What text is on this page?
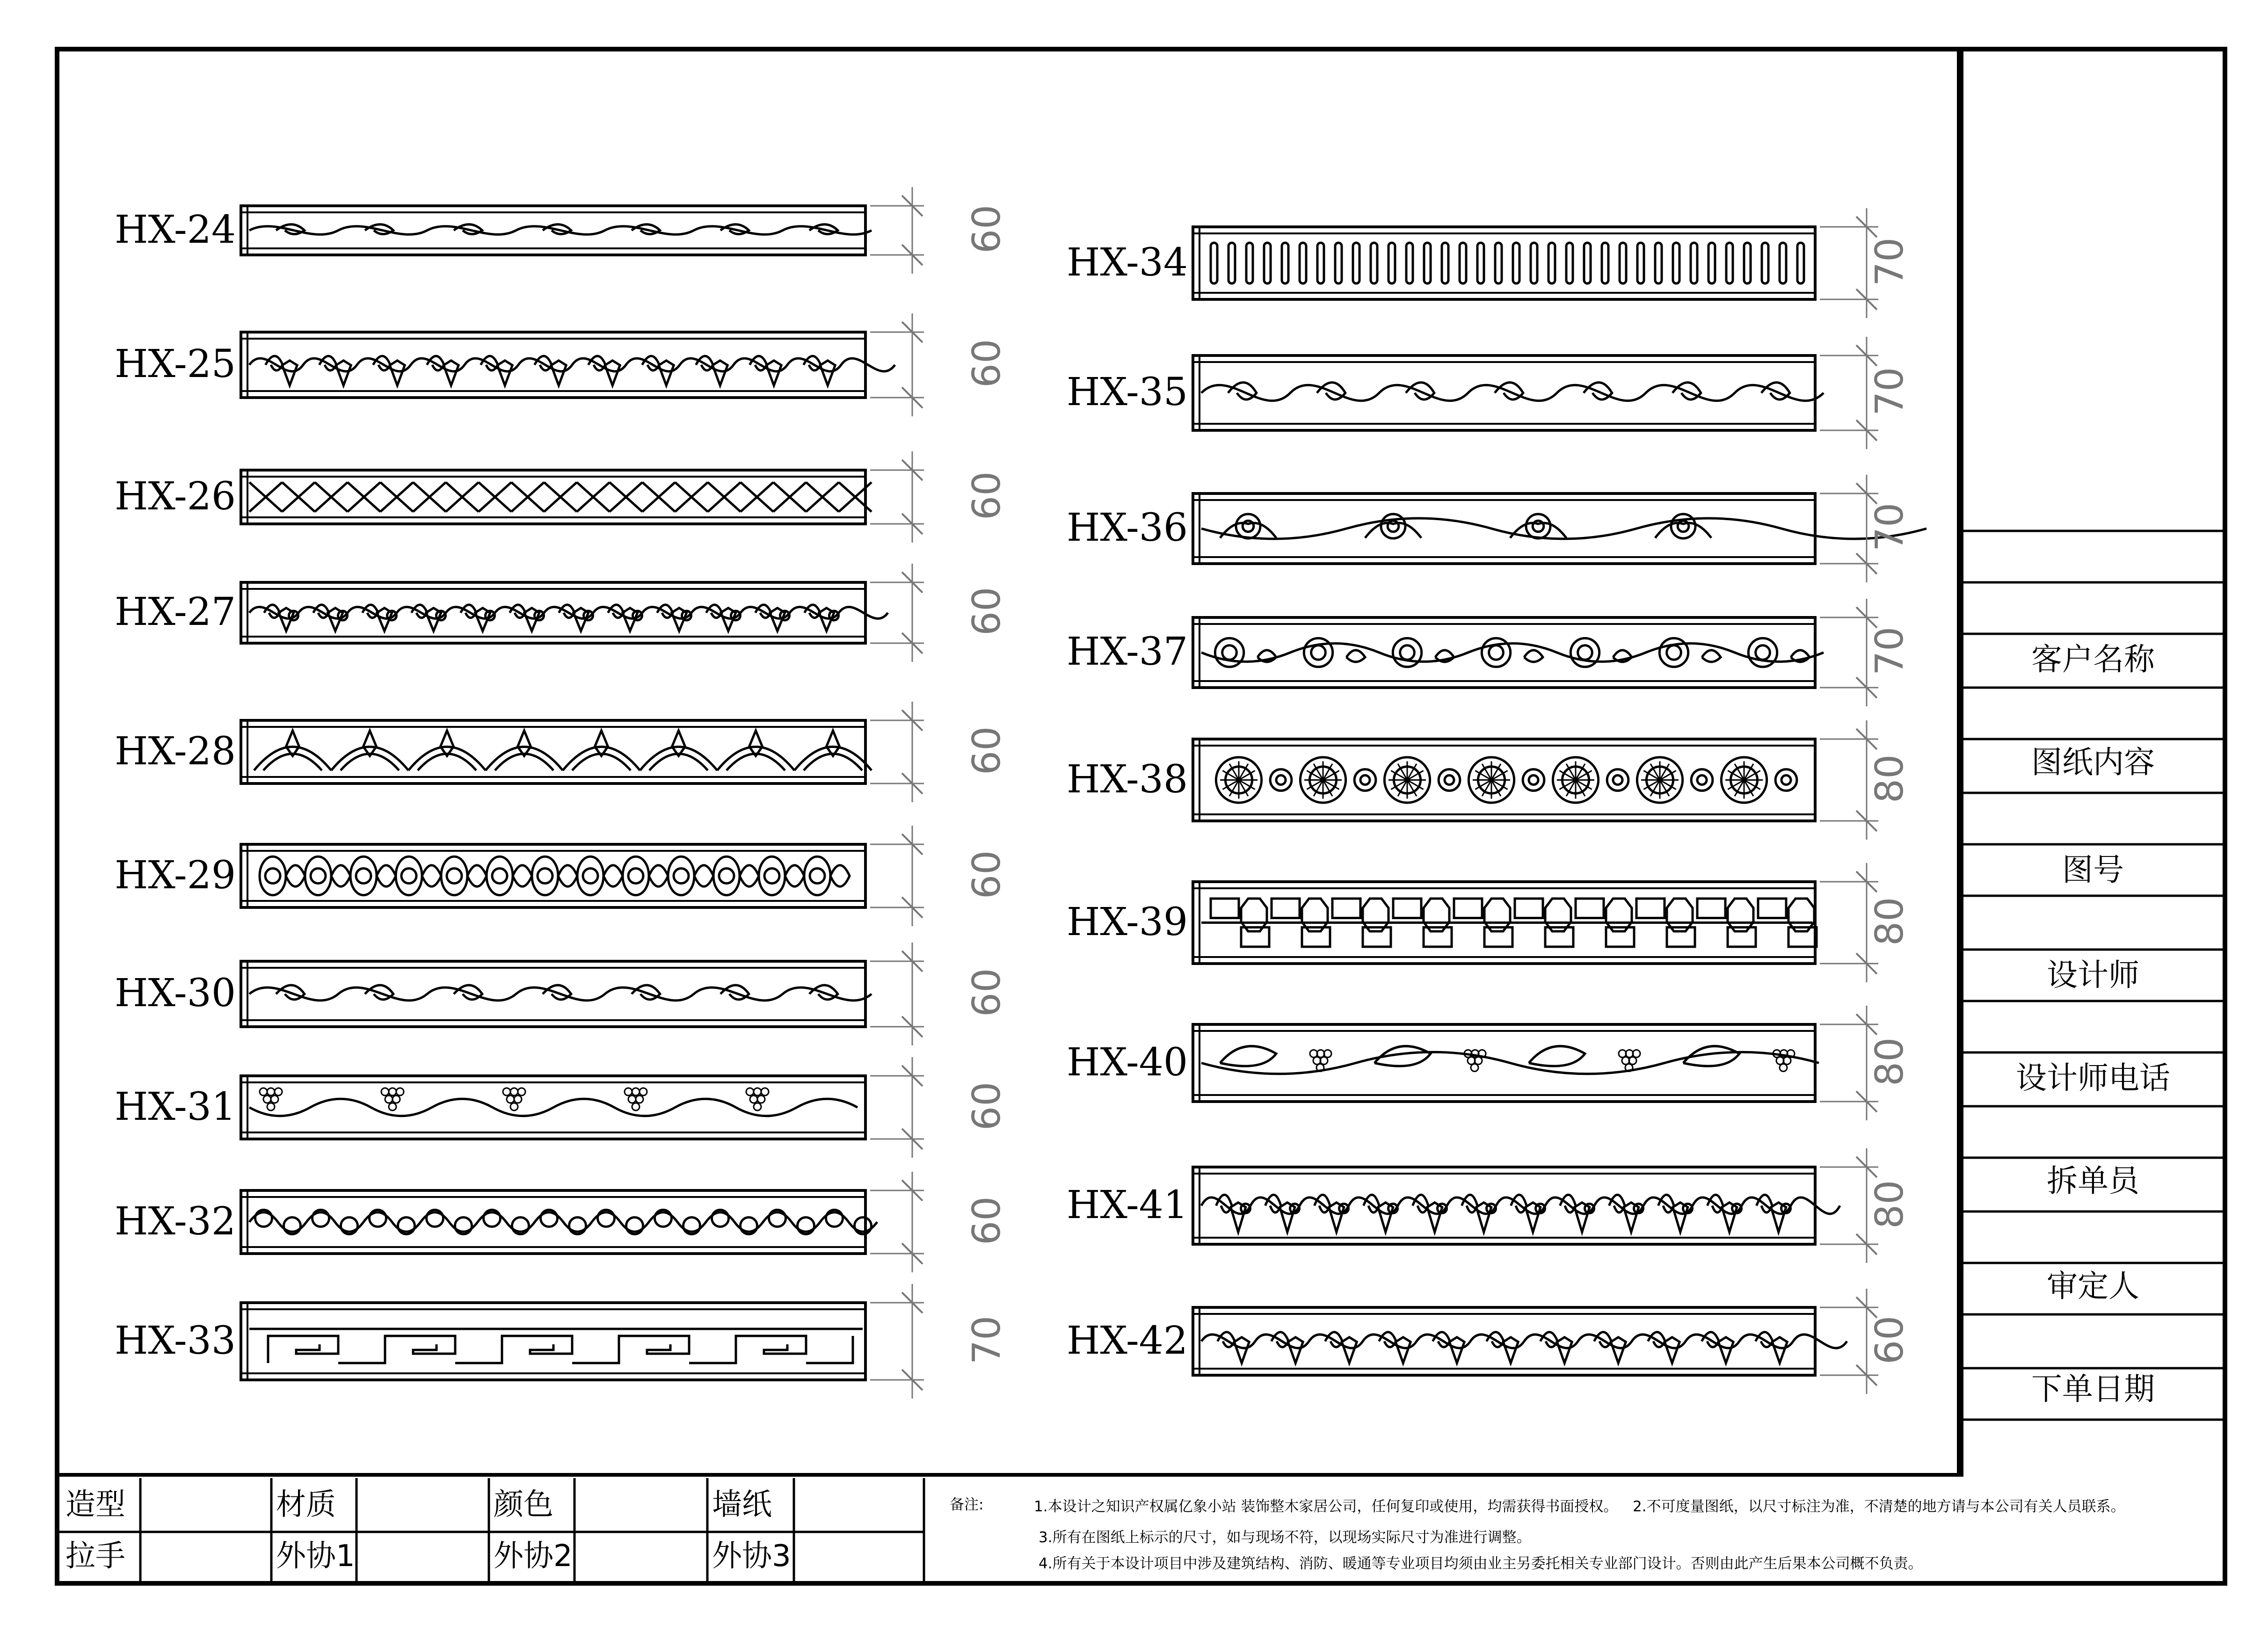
HX-24	60
HX-25	60
HX-26	60
HX-27	60
HX-28	60
HX-29	60
HX-30	60
HX-31	60
HX-32	60
HX-33	70
HX-34	70
HX-35	70
HX-36	70
HX-37	70
HX-38	80
HX-39	80
HX-40	80
HX-41	80
HX-42	60
客户名称
图纸内容
图号
设计师
设计师电话
拆单员
审定人
下单日期
造型	材质	颜色	墙纸
拉手	外协1	外协2	外协3
备注:	1.本设计之知识产权属亿象小站 装饰整木家居公司，任何复印或使用，均需获得书面授权。 2.不可度量图纸，以尺寸标注为准，不清楚的地方请与本公司有关人员联系。
3.所有在图纸上标示的尺寸，如与现场不符，以现场实际尺寸为准进行调整。
4.所有关于本设计项目中涉及建筑结构、消防、暖通等专业项目均须由业主另委托相关专业部门设计。否则由此产生后果本公司概不负责。
